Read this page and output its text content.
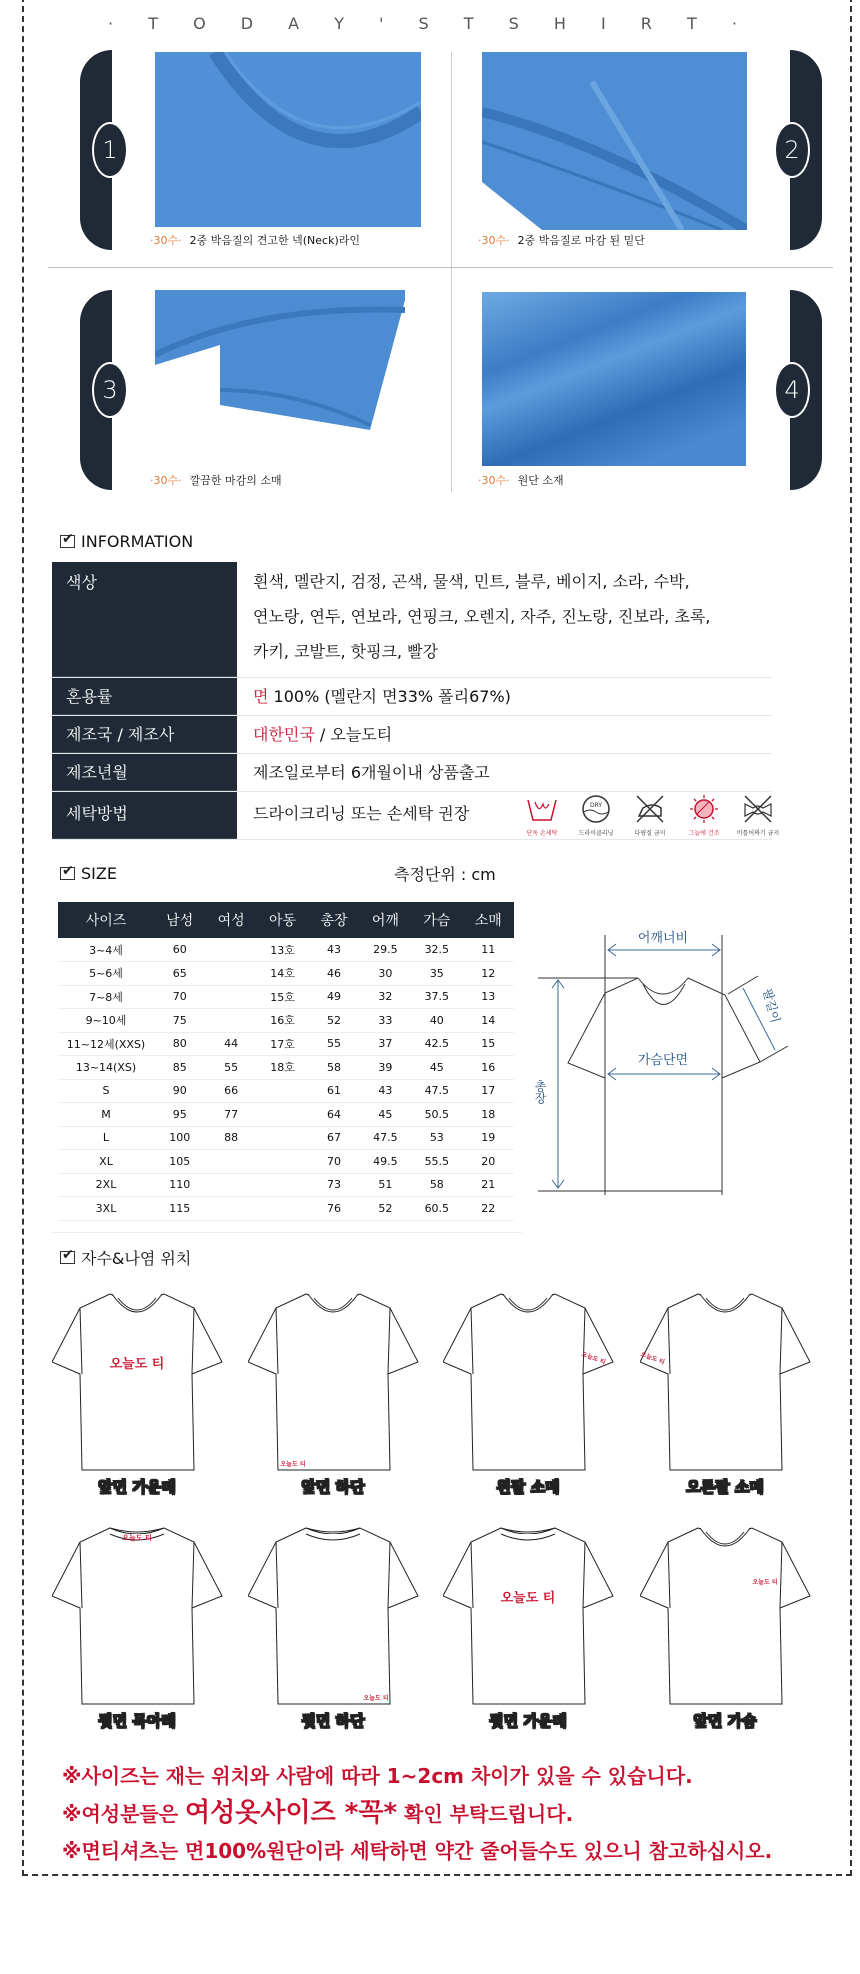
· T O D A Y ' S T S H I R T ·
1
·30수· 2중 박음질의 견고한 넥(Neck)라인
2
·30수· 2중 박음질로 마감 된 밑단
3
·30수· 깔끔한 마감의 소매
4
·30수· 원단 소재
✔
INFORMATION
색상	흰색, 멜란지, 검정, 곤색, 물색, 민트, 블루, 베이지, 소라, 수박,
연노랑, 연두, 연보라, 연핑크, 오렌지, 자주, 진노랑, 진보라, 초록,
카키, 코발트, 핫핑크, 빨강
혼용률	면 100% (멜란지 면33% 폴리67%)
제조국 / 제조사	대한민국 / 오늘도티
제조년월	제조일로부터 6개월이내 상품출고
세탁방법	드라이크리닝 또는 손세탁 권장
단독 손세탁
DRY
드라이클리닝	다림질 금지	그늘에 건조	비틀어짜기 금지
✔
SIZE	측정단위 : cm
사이즈	남성	여성	아동	총장	어깨	가슴	소매
3~4세	60		13호	43	29.5	32.5	11
5~6세	65		14호	46	30	35	12
7~8세	70		15호	49	32	37.5	13
9~10세	75		16호	52	33	40	14
11~12세(XXS)	80	44	17호	55	37	42.5	15
13~14(XS)	85	55	18호	58	39	45	16
S	90	66		61	43	47.5	17
M	95	77		64	45	50.5	18
L	100	88		67	47.5	53	19
XL	105			70	49.5	55.5	20
2XL	110			73	51	58	21
3XL	115			76	52	60.5	22
어깨너비
가슴단면
총장
팔길이
✔
자수&나염 위치
오늘도 티
앞면 가운데
오늘도 티
앞면 하단
오늘도 티
왼팔 소매
오늘도 티
오른팔 소매
오늘도 티
뒷면 목아래
오늘도 티
뒷면 하단
오늘도 티
뒷면 가운데
오늘도 티
앞면 가슴
※사이즈는 재는 위치와 사람에 따라 1~2cm 차이가 있을 수 있습니다.
※여성분들은 여성옷사이즈 *꼭* 확인 부탁드립니다.
※면티셔츠는 면100%원단이라 세탁하면 약간 줄어들수도 있으니 참고하십시오.
